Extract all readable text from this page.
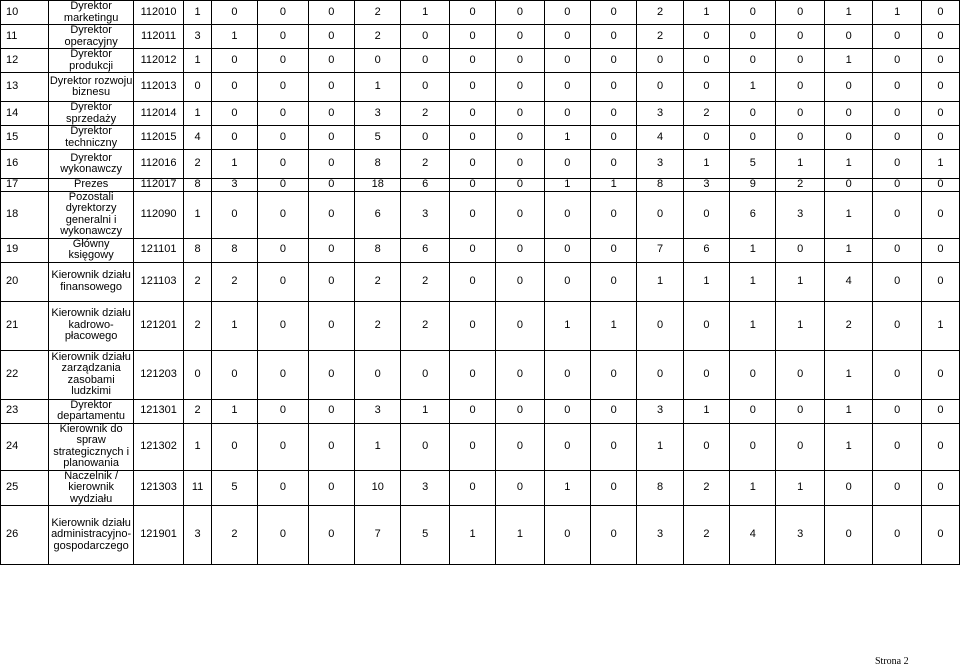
10	Dyrektor marketingu	112010	1	0	0	0	2	1	0	0	0	0	2	1	0	0	1	1	0
11	Dyrektor operacyjny	112011	3	1	0	0	2	0	0	0	0	0	2	0	0	0	0	0	0
12	Dyrektor produkcji	112012	1	0	0	0	0	0	0	0	0	0	0	0	0	0	1	0	0
13	Dyrektor rozwoju biznesu	112013	0	0	0	0	1	0	0	0	0	0	0	0	1	0	0	0	0
14	Dyrektor sprzedaży	112014	1	0	0	0	3	2	0	0	0	0	3	2	0	0	0	0	0
15	Dyrektor techniczny	112015	4	0	0	0	5	0	0	0	1	0	4	0	0	0	0	0	0
16	Dyrektor wykonawczy	112016	2	1	0	0	8	2	0	0	0	0	3	1	5	1	1	0	1
17	Prezes	112017	8	3	0	0	18	6	0	0	1	1	8	3	9	2	0	0	0
18	Pozostali dyrektorzy generalni i wykonawczy	112090	1	0	0	0	6	3	0	0	0	0	0	0	6	3	1	0	0
19	Główny księgowy	121101	8	8	0	0	8	6	0	0	0	0	7	6	1	0	1	0	0
20	Kierownik działu finansowego	121103	2	2	0	0	2	2	0	0	0	0	1	1	1	1	4	0	0
21	Kierownik działu kadrowo-płacowego	121201	2	1	0	0	2	2	0	0	1	1	0	0	1	1	2	0	1
22	Kierownik działu zarządzania zasobami ludzkimi	121203	0	0	0	0	0	0	0	0	0	0	0	0	0	0	1	0	0
23	Dyrektor departamentu	121301	2	1	0	0	3	1	0	0	0	0	3	1	0	0	1	0	0
24	Kierownik do spraw strategicznych i planowania	121302	1	0	0	0	1	0	0	0	0	0	1	0	0	0	1	0	0
25	Naczelnik / kierownik wydziału	121303	11	5	0	0	10	3	0	0	1	0	8	2	1	1	0	0	0
26	Kierownik działu administracyjno-gospodarczego	121901	3	2	0	0	7	5	1	1	0	0	3	2	4	3	0	0	0
Strona 2
